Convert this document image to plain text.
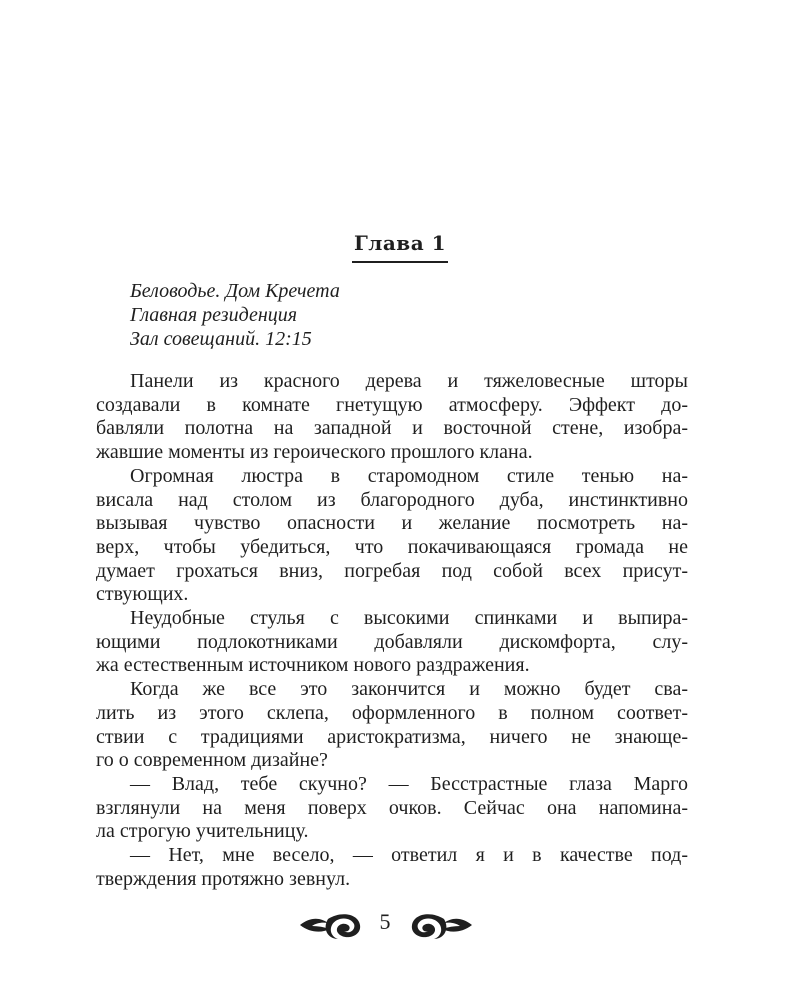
Глава 1
Беловодье. Дом Кречета
Главная резиденция
Зал совещаний. 12:15
Панели из красного дерева и тяжеловесные шторы
создавали в комнате гнетущую атмосферу. Эффект до-
бавляли полотна на западной и восточной стене, изобра-
жавшие моменты из героического прошлого клана.
Огромная люстра в старомодном стиле тенью на-
висала над столом из благородного дуба, инстинктивно
вызывая чувство опасности и желание посмотреть на-
верх, чтобы убедиться, что покачивающаяся громада не
думает грохаться вниз, погребая под собой всех присут-
ствующих.
Неудобные стулья с высокими спинками и выпира-
ющими подлокотниками добавляли дискомфорта, слу-
жа естественным источником нового раздражения.
Когда же все это закончится и можно будет сва-
лить из этого склепа, оформленного в полном соответ-
ствии с традициями аристократизма, ничего не знающе-
го о современном дизайне?
— Влад, тебе скучно? — Бесстрастные глаза Марго
взглянули на меня поверх очков. Сейчас она напомина-
ла строгую учительницу.
— Нет, мне весело, — ответил я и в качестве под-
тверждения протяжно зевнул.
5
